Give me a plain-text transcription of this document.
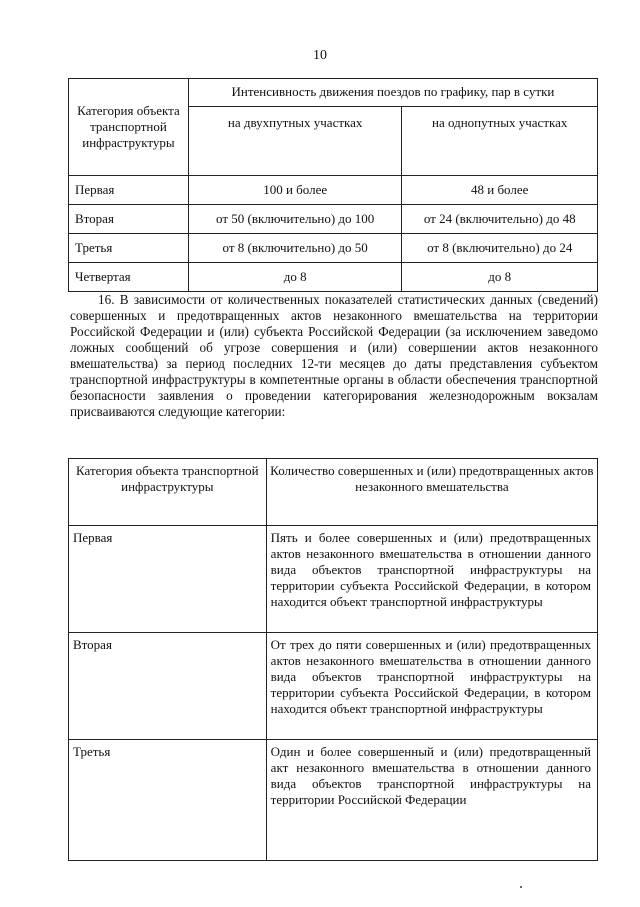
10
Категория объекта транспортной инфраструктуры	Интенсивность движения поездов по графику, пар в сутки	
	на двухпутных участках	на однопутных участках
Первая	100 и более	48 и более
Вторая	от 50 (включительно) до 100	от 24 (включительно) до 48
Третья	от 8 (включительно) до 50	от 8 (включительно) до 24
Четвертая	до 8	до 8

16. В зависимости от количественных показателей статистических данных (сведений) совершенных и предотвращенных актов незаконного вмешательства на территории Российской Федерации и (или) субъекта Российской Федерации (за исключением заведомо ложных сообщений об угрозе совершения и (или) совершении актов незаконного вмешательства) за период последних 12-ти месяцев до даты представления субъектом транспортной инфраструктуры в компетентные органы в области обеспечения транспортной безопасности заявления о проведении категорирования железнодорожным вокзалам присваиваются следующие категории:

Категория объекта транспортной инфраструктуры	Количество совершенных и (или) предотвращенных актов незаконного вмешательства
Первая	Пять и более совершенных и (или) предотвращенных актов незаконного вмешательства в отношении данного вида объектов транспортной инфраструктуры на территории субъекта Российской Федерации, в котором находится объект транспортной инфраструктуры
Вторая	От трех до пяти совершенных и (или) предотвращенных актов незаконного вмешательства в отношении данного вида объектов транспортной инфраструктуры на территории субъекта Российской Федерации, в котором находится объект транспортной инфраструктуры
Третья	Один и более совершенный и (или) предотвращенный акт незаконного вмешательства в отношении данного вида объектов транспортной инфраструктуры на территории Российской Федерации
